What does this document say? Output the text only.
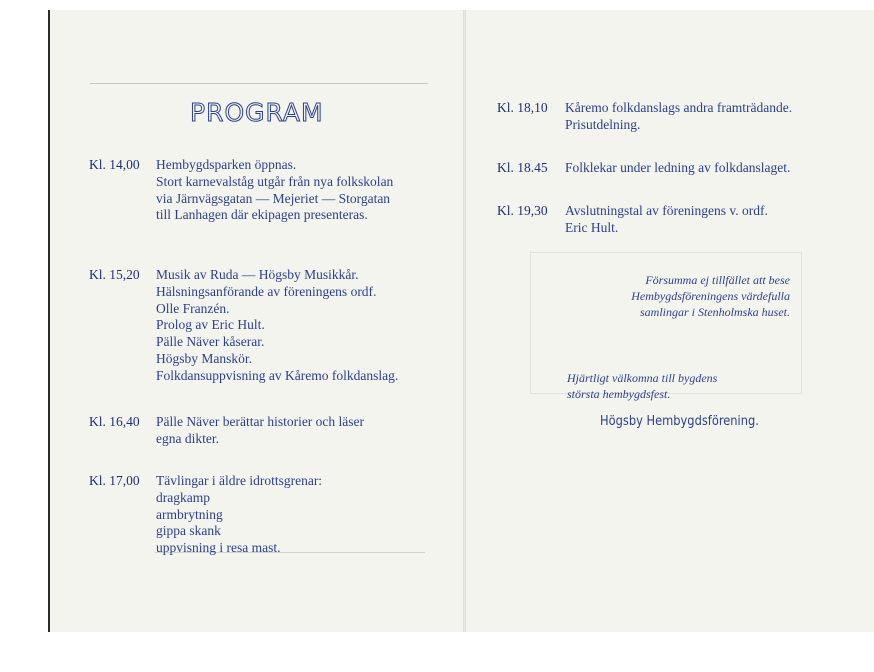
PROGRAM
Kl. 14,00 Hembygdsparken öppnas.
Stort karnevalståg utgår från nya folkskolan
via Järnvägsgatan — Mejeriet — Storgatan
till Lanhagen där ekipagen presenteras.
Kl. 15,20 Musik av Ruda — Högsby Musikkår.
Hälsningsanförande av föreningens ordf.
Olle Franzén.
Prolog av Eric Hult.
Pälle Näver kåserar.
Högsby Manskör.
Folkdansuppvisning av Kåremo folkdanslag.
Kl. 16,40 Pälle Näver berättar historier och läser
egna dikter.
Kl. 17,00 Tävlingar i äldre idrottsgrenar:
dragkamp
armbrytning
gippa skank
uppvisning i resa mast.
Kl. 18,10 Kåremo folkdanslags andra framträdande.
Prisutdelning.
Kl. 18.45 Folklekar under ledning av folkdanslaget.
Kl. 19,30 Avslutningstal av föreningens v. ordf.
Eric Hult.
Försumma ej tillfället att bese
Hembygdsföreningens värdefulla
samlingar i Stenholmska huset.
Hjärtligt välkomna till bygdens
största hembygdsfest.
Högsby Hembygdsförening.
